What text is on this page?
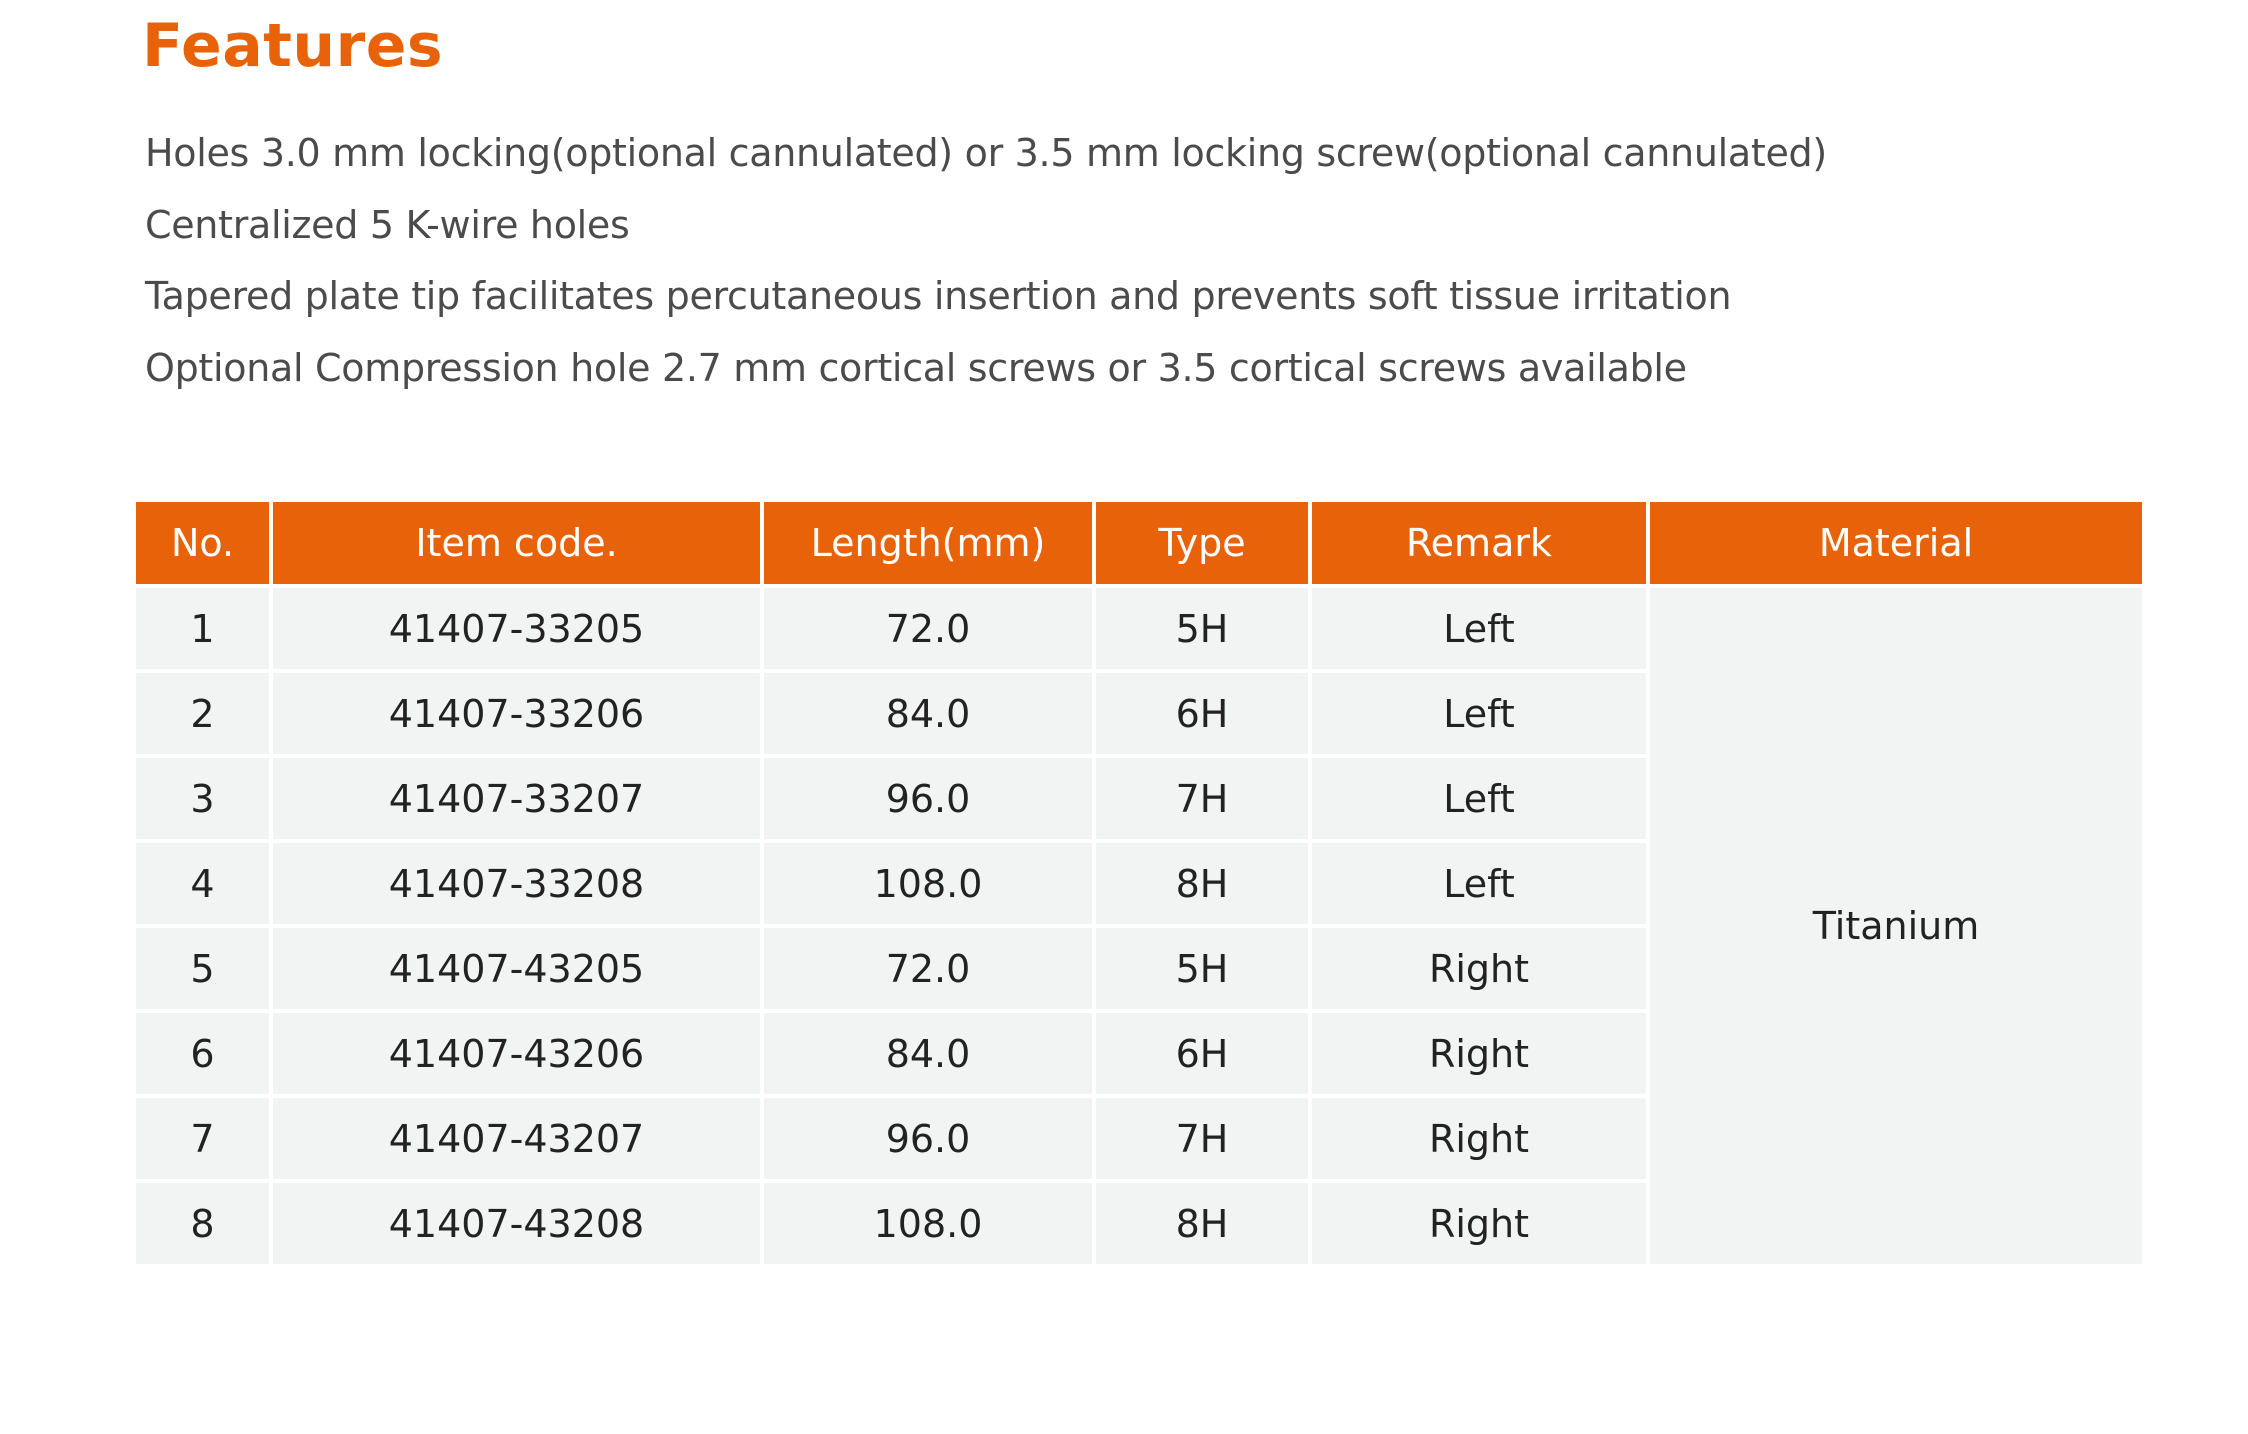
Features
Holes 3.0 mm locking(optional cannulated) or 3.5 mm locking screw(optional cannulated)
Centralized 5 K-wire holes
Tapered plate tip facilitates percutaneous insertion and prevents soft tissue irritation
Optional Compression hole 2.7 mm cortical screws or 3.5 cortical screws available
No.	Item code.	Length(mm)	Type	Remark	Material
1	41407-33205	72.0	5H	Left	Titanium
2	41407-33206	84.0	6H	Left	
3	41407-33207	96.0	7H	Left	
4	41407-33208	108.0	8H	Left	
5	41407-43205	72.0	5H	Right	
6	41407-43206	84.0	6H	Right	
7	41407-43207	96.0	7H	Right	
8	41407-43208	108.0	8H	Right	
